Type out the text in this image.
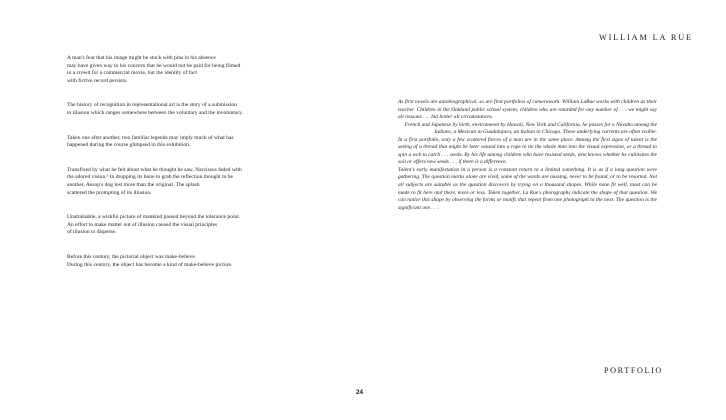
A man's fear that his image might be stuck with pins in his absence
may have given way to his concern that he would not be paid for being filmed
in a crowd for a commercial movie, but the identity of fact
with fictive record persists.

The history of recognition in representational art is the story of a submission
to illusion which ranges somewhere between the voluntary and the involuntary.

Taken one after another, two familiar legends may imply much of what has
happened during the course glimpsed in this exhibition.

Transfixed by what he felt about what he thought he saw, Narcissus faded with
the adored vision.³ In dropping its bone to grab the reflection thought to be
another, Aesop's dog lost more than the original. The splash
scattered the prompting of its illusion.

Unattainable, a wishful picture of mankind passed beyond the tolerance point.
An effort to make matter out of illusion caused the visual principles
of illusion to disperse.

Before this century, the pictorial object was make-believe.
During this century, the object has become a kind of make-believe picture.

WILLIAM LA RUE

As first novels are autobiographical, so are first portfolios of camerawork. William LaRue works with children as their teacher. Children in the Oakland public school system, children who are retarded for any number of . . . we might say all reasons . . . but hotter all circumstances.

French and Japanese by birth, environment by Hawaii, New York and California, he passes for a Navaho among the Indians, a Mexican in Guadalajara, an Italian in Chicago. These underlying currents are often visible.

In a first portfolio, only a few scattered forces of a man are in the same place. Among the first signs of talent is the seeing of a thread that might be later wound into a rope to tie the whole man into the visual expression, or a thread to spin a web to catch . . . seeds. By his life among children who have resisted seeds, who knows whether he cultivates the soil or offers new seeds . . . if there is a difference.

Talent's early manifestation in a person is a constant return to a limited something. It is as if a long question were gathering. The question marks alone are vivid, some of the words are missing, never to be found, or to be resorted. Not all subjects are suitable as the question discovers by trying on a thousand shapes. While none fit well, most can be made to fit here and there, more or less. Taken together, La Rue's photographs indicate the shape of that question. We can notice this shape by observing the forms or motifs that repeat from one photograph to the next. The question is the significant one . . .

PORTFOLIO
24
